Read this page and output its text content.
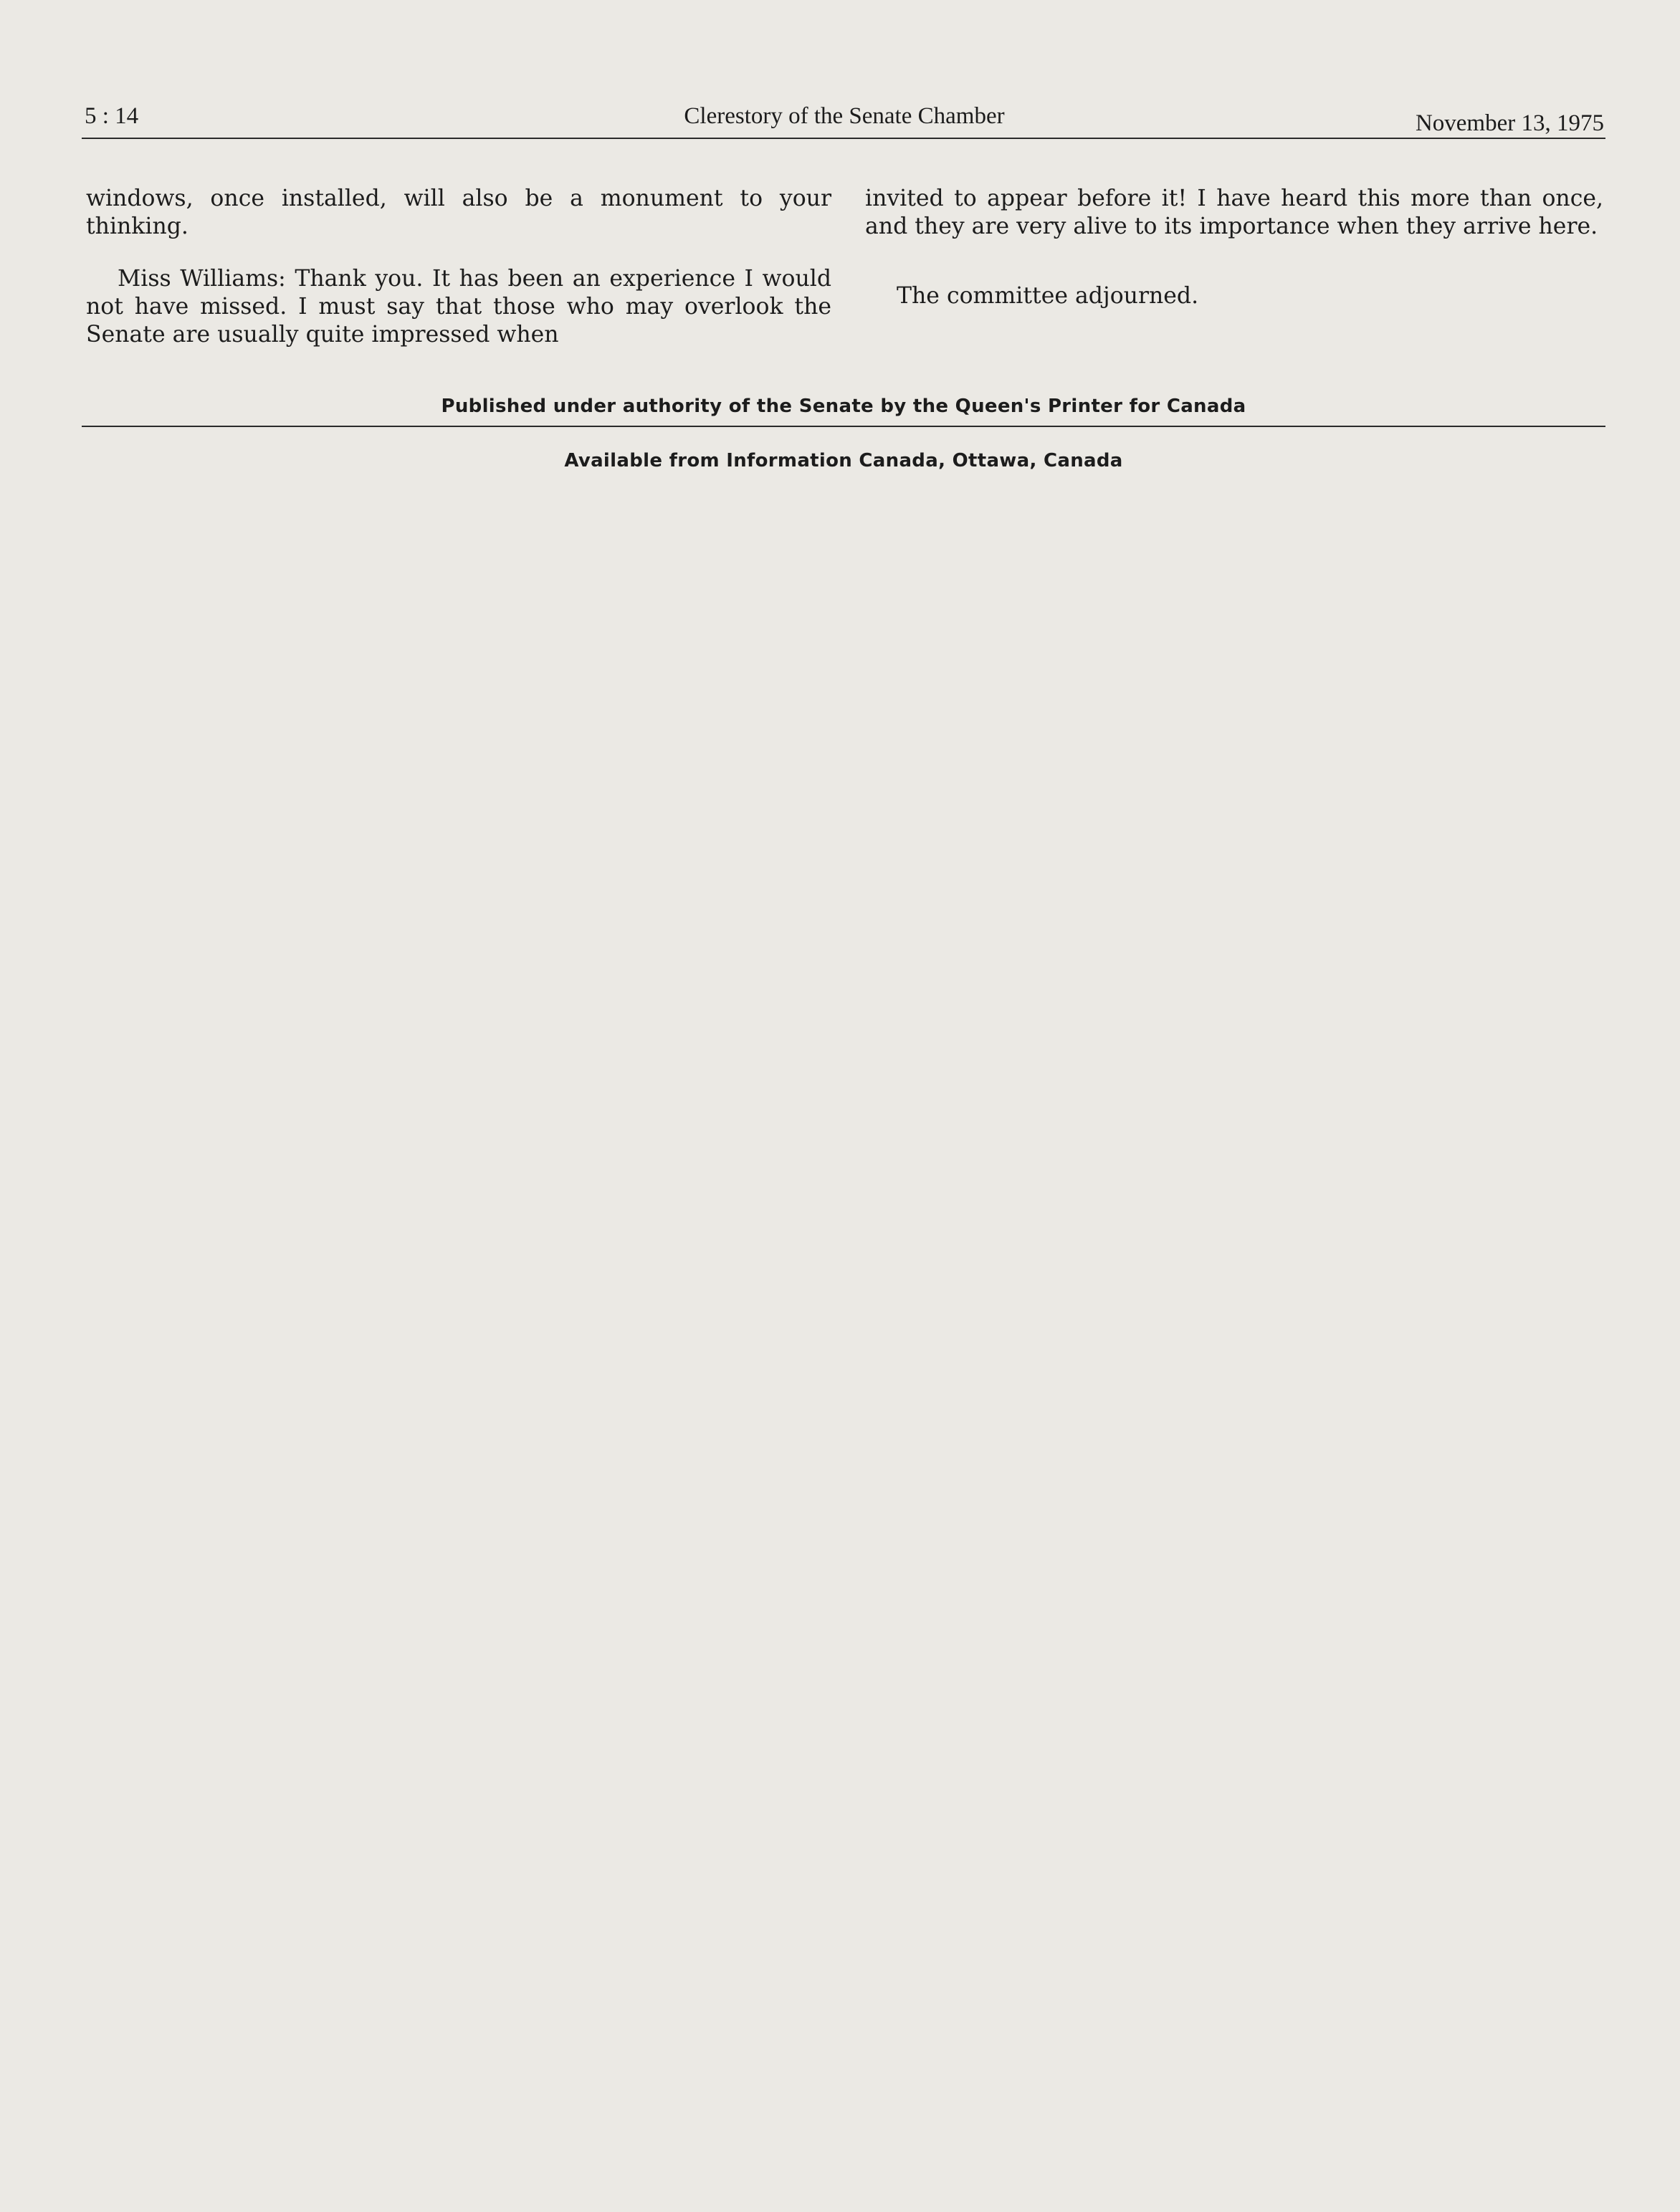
5 : 14	Clerestory of the Senate Chamber	November 13, 1975

windows, once installed, will also be a monument to your thinking.

Miss Williams: Thank you. It has been an experience I would not have missed. I must say that those who may overlook the Senate are usually quite impressed when

invited to appear before it! I have heard this more than once, and they are very alive to its importance when they arrive here.

The committee adjourned.

Published under authority of the Senate by the Queen's Printer for Canada
Available from Information Canada, Ottawa, Canada
